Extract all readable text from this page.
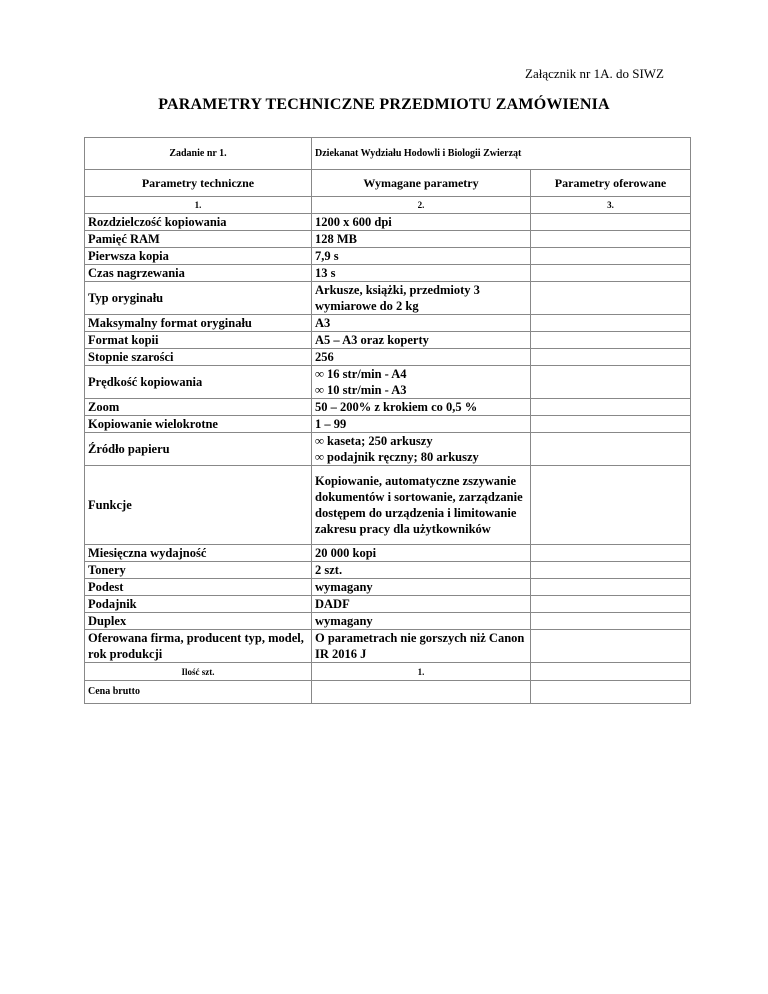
Załącznik nr 1A. do SIWZ
PARAMETRY TECHNICZNE PRZEDMIOTU ZAMÓWIENIA
Zadanie nr 1.	Dziekanat Wydziału Hodowli i Biologii Zwierząt	
Parametry techniczne	Wymagane parametry	Parametry oferowane
1.	2.	3.
Rozdzielczość kopiowania	1200 x 600 dpi	
Pamięć RAM	128 MB	
Pierwsza kopia	7,9 s	
Czas nagrzewania	13 s	
Typ oryginału	Arkusze, książki, przedmioty 3 wymiarowe do 2 kg	
Maksymalny format oryginału	A3	
Format kopii	A5 – A3 oraz koperty	
Stopnie szarości	256	
Prędkość kopiowania	∞ 16 str/min - A4
∞ 10 str/min - A3	

Zoom	50 – 200% z krokiem co 0,5 %	
Kopiowanie wielokrotne	1 – 99	
Źródło papieru	∞ kaseta; 250 arkuszy
∞ podajnik ręczny; 80 arkuszy	

Funkcje	Kopiowanie, automatyczne zszywanie dokumentów i sortowanie, zarządzanie dostępem do urządzenia i limitowanie zakresu pracy dla użytkowników	
Miesięczna wydajność	20 000 kopi	
Tonery	2 szt.	
Podest	wymagany	
Podajnik	DADF	
Duplex	wymagany	
Oferowana firma, producent typ, model, rok produkcji	O parametrach nie gorszych niż Canon IR 2016 J	
Ilość szt.	1.	
Cena brutto		
